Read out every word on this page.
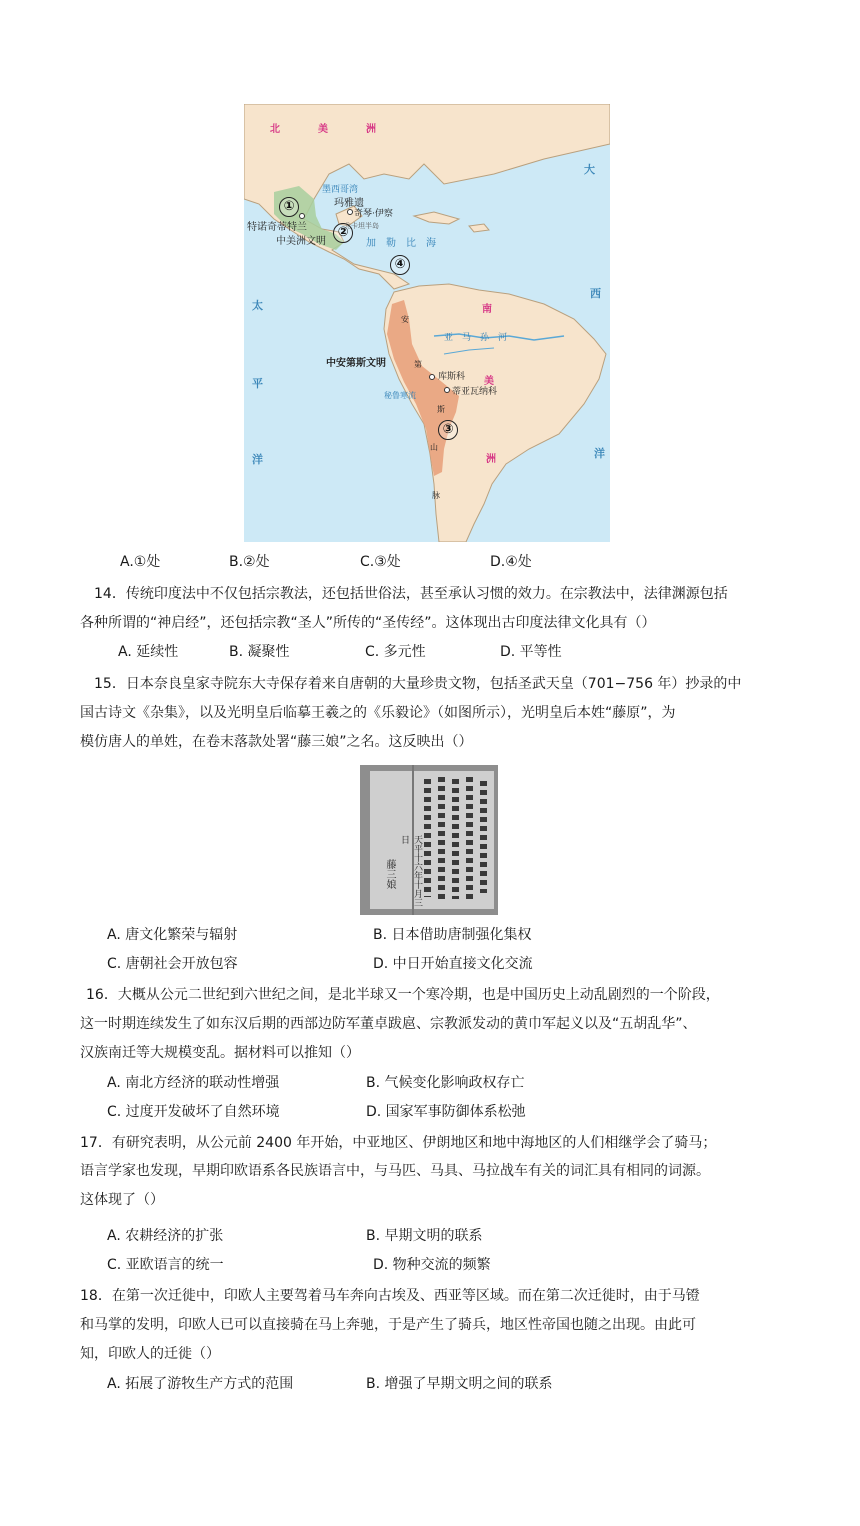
北　美　洲
墨西哥湾
玛雅遗
奇琴·伊察
尤卡坦半岛
特诺奇蒂特兰
中美洲文明	加　勒　比　海
大
西
洋
太
平
洋
南
美
洲
亚　马　孙　河
安
第
斯
山
脉
中安第斯文明
库斯科
蒂亚瓦纳科
秘鲁寒流
①
②
③
④
A.①处	B.②处	C.③处	D.④处
14．传统印度法中不仅包括宗教法，还包括世俗法，甚至承认习惯的效力。在宗教法中，法律渊源包括
各种所谓的“神启经”，还包括宗教“圣人”所传的“圣传经”。这体现出古印度法律文化具有（）
A. 延续性	B. 凝聚性	C. 多元性	D. 平等性
15．日本奈良皇家寺院东大寺保存着来自唐朝的大量珍贵文物，包括圣武天皇（701−756 年）抄录的中
国古诗文《杂集》，以及光明皇后临摹王羲之的《乐毅论》（如图所示），光明皇后本姓“藤原”，为
模仿唐人的单姓，在卷末落款处署“藤三娘”之名。这反映出（）
天平十六年十月三日
藤三娘
A. 唐文化繁荣与辐射	B. 日本借助唐制强化集权
C. 唐朝社会开放包容	D. 中日开始直接文化交流
16．大概从公元二世纪到六世纪之间，是北半球又一个寒冷期，也是中国历史上动乱剧烈的一个阶段，
这一时期连续发生了如东汉后期的西部边防军董卓跋扈、宗教派发动的黄巾军起义以及“五胡乱华”、
汉族南迁等大规模变乱。据材料可以推知（）
A. 南北方经济的联动性增强	B. 气候变化影响政权存亡
C. 过度开发破坏了自然环境	D. 国家军事防御体系松弛
17．有研究表明，从公元前 2400 年开始，中亚地区、伊朗地区和地中海地区的人们相继学会了骑马；
语言学家也发现，早期印欧语系各民族语言中，与马匹、马具、马拉战车有关的词汇具有相同的词源。
这体现了（）
A. 农耕经济的扩张	B. 早期文明的联系
C. 亚欧语言的统一	D. 物种交流的频繁
18．在第一次迁徙中，印欧人主要驾着马车奔向古埃及、西亚等区域。而在第二次迁徙时，由于马镫
和马掌的发明，印欧人已可以直接骑在马上奔驰，于是产生了骑兵，地区性帝国也随之出现。由此可
知，印欧人的迁徙（）
A. 拓展了游牧生产方式的范围	B. 增强了早期文明之间的联系
